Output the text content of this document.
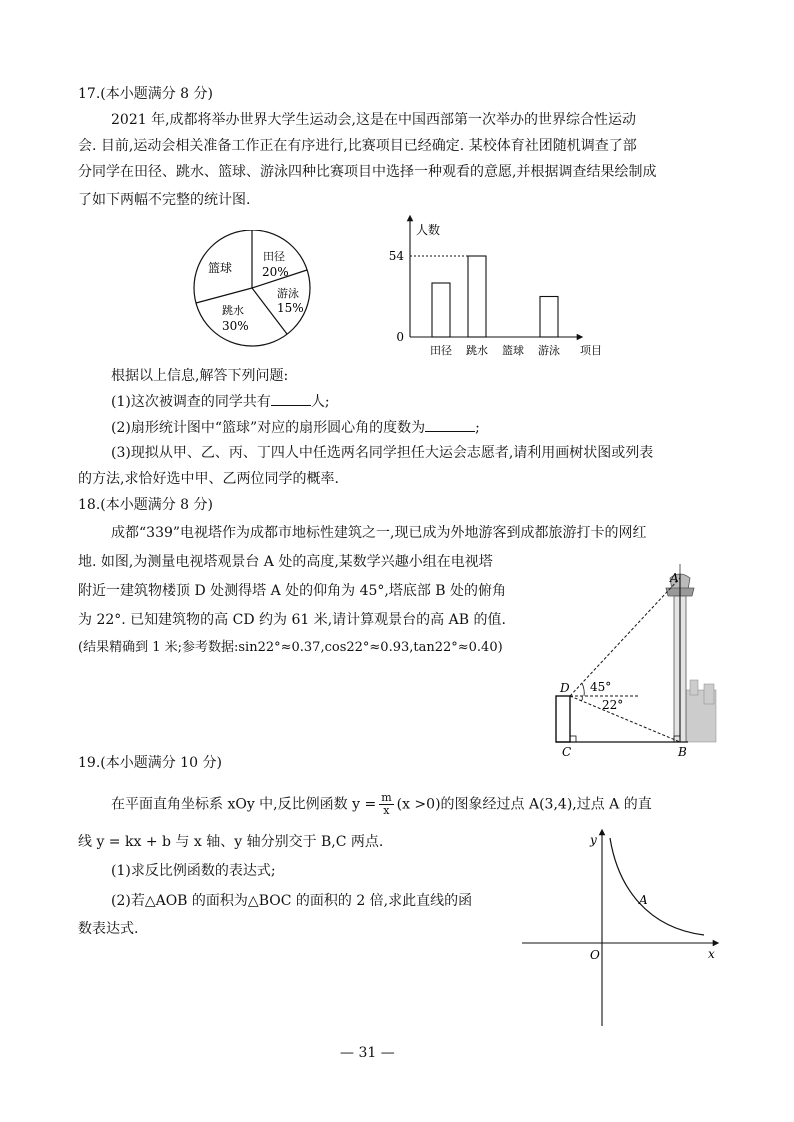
17.(本小题满分 8 分)
2021 年,成都将举办世界大学生运动会,这是在中国西部第一次举办的世界综合性运动
会. 目前,运动会相关准备工作正在有序进行,比赛项目已经确定. 某校体育社团随机调查了部
分同学在田径、跳水、篮球、游泳四种比赛项目中选择一种观看的意愿,并根据调查结果绘制成
了如下两幅不完整的统计图.
篮球
田径
20%
游泳
15%
跳水
30%
人数
项目
0
54
田径 跳水 篮球 游泳
根据以上信息,解答下列问题:
(1)这次被调查的同学共有	人;
(2)扇形统计图中“篮球”对应的扇形圆心角的度数为	;
(3)现拟从甲、乙、丙、丁四人中任选两名同学担任大运会志愿者,请利用画树状图或列表
的方法,求恰好选中甲、乙两位同学的概率.
18.(本小题满分 8 分)
成都“339”电视塔作为成都市地标性建筑之一,现已成为外地游客到成都旅游打卡的网红
地. 如图,为测量电视塔观景台 A 处的高度,某数学兴趣小组在电视塔
附近一建筑物楼顶 D 处测得塔 A 处的仰角为 45°,塔底部 B 处的俯角
为 22°. 已知建筑物的高 CD 约为 61 米,请计算观景台的高 AB 的值.
(结果精确到 1 米;参考数据:sin22°≈0.37,cos22°≈0.93,tan22°≈0.40)
A
B
C
D 45°
22°
19.(本小题满分 10 分)
在平面直角坐标系 xOy 中,反比例函数 $y = \frac{m}{x} (x >0)$的图象经过点 A(3,4),过点 A 的直
线 y = kx + b 与 x 轴、y 轴分别交于 B,C 两点.
(1)求反比例函数的表达式;
(2)若△AOB 的面积为△BOC 的面积的 2 倍,求此直线的函
数表达式.
y
x
O
A
— 31 —
